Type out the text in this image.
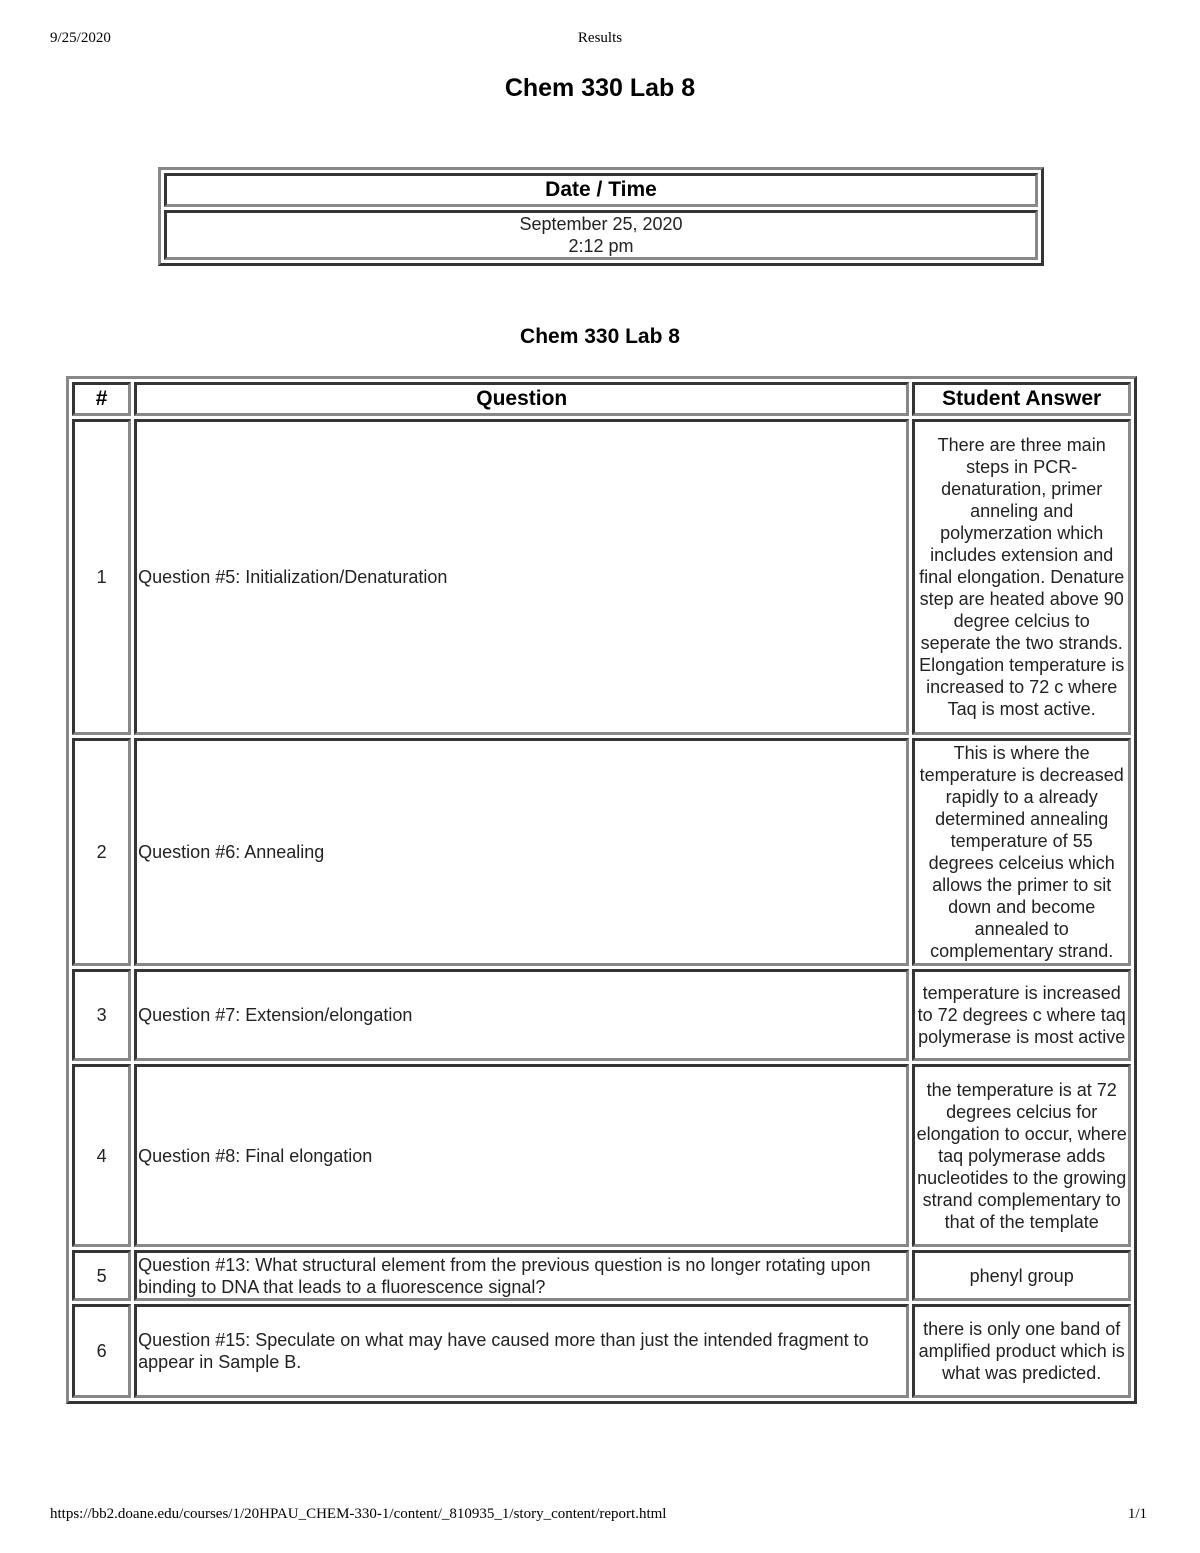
9/25/2020	Results
Chem 330 Lab 8
Date / Time

September 25, 2020
2:12 pm
Chem 330 Lab 8
#	Question	Student Answer
1	Question #5: Initialization/Denaturation	There are three main steps in PCR- denaturation, primer anneling and polymerzation which includes extension and final elongation. Denature step are heated above 90 degree celcius to seperate the two strands. Elongation temperature is increased to 72 c where Taq is most active.
2	Question #6: Annealing	This is where the temperature is decreased rapidly to a already determined annealing temperature of 55 degrees celceius which allows the primer to sit down and become annealed to complementary strand.
3	Question #7: Extension/elongation	temperature is increased to 72 degrees c where taq polymerase is most active
4	Question #8: Final elongation	the temperature is at 72 degrees celcius for elongation to occur, where taq polymerase adds nucleotides to the growing strand complementary to that of the template
5	Question #13: What structural element from the previous question is no longer rotating upon binding to DNA that leads to a fluorescence signal?	phenyl group
6	Question #15: Speculate on what may have caused more than just the intended fragment to appear in Sample B.	there is only one band of amplified product which is what was predicted.
https://bb2.doane.edu/courses/1/20HPAU_CHEM-330-1/content/_810935_1/story_content/report.html	1/1
